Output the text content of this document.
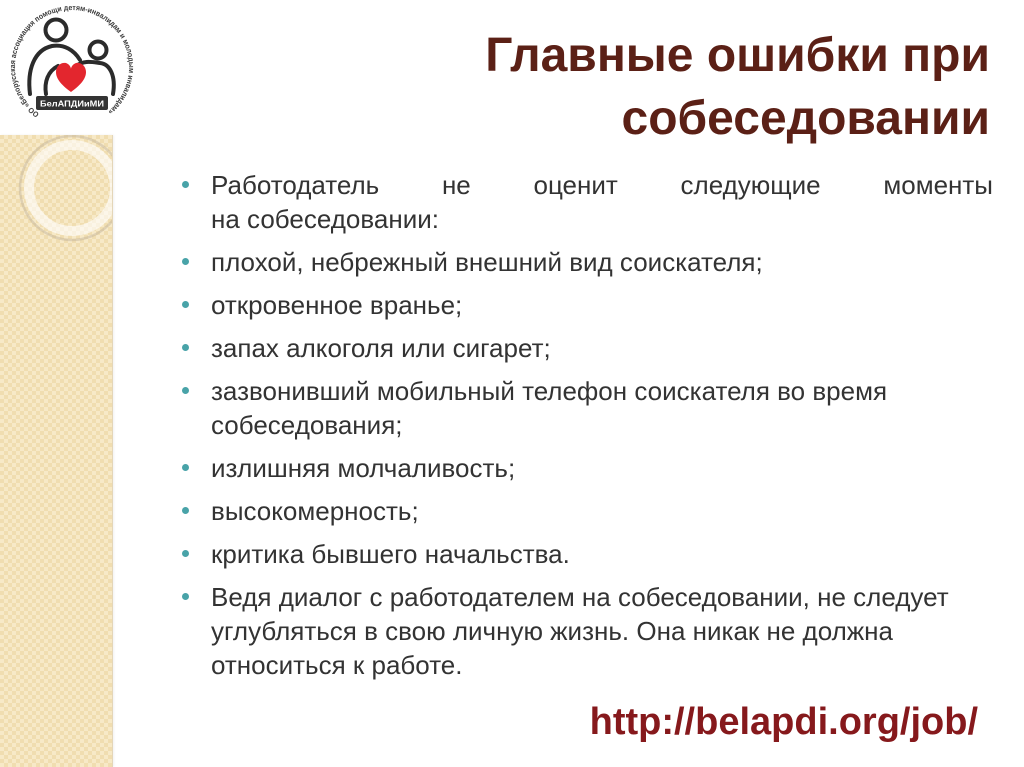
ОО «Белорусская ассоциация помощи детям-инвалидам и молодым инвалидам»
БелАПДИиМИ
Главные ошибки при собеседовании
Работодатель не оценит следующие моменты на собеседовании:
плохой, небрежный внешний вид соискателя;
откровенное вранье;
запах алкоголя или сигарет;
зазвонивший мобильный телефон соискателя во время собеседования;
излишняя молчаливость;
высокомерность;
критика бывшего начальства.
Ведя диалог с работодателем на собеседовании, не следует углубляться в свою личную жизнь. Она никак не должна относиться к работе.
http://belapdi.org/job/
